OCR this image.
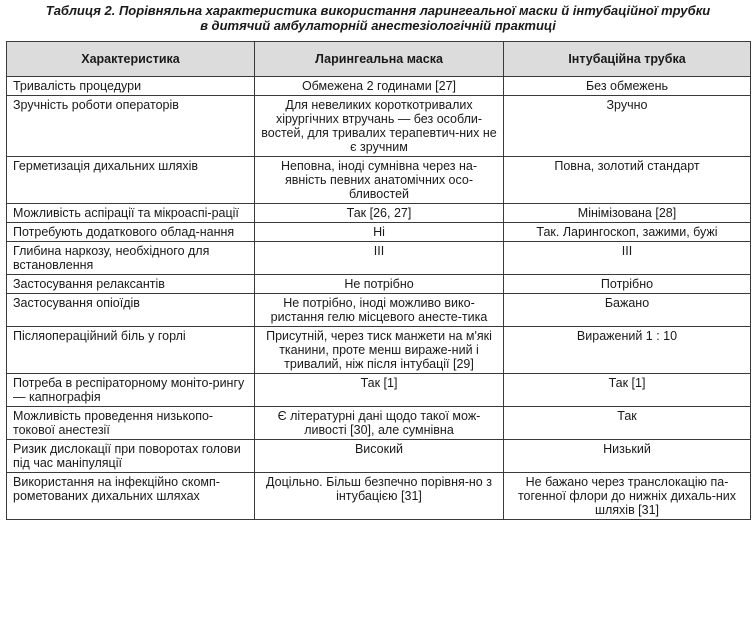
Таблиця 2. Порівняльна характеристика використання ларингеальної маски й інтубаційної трубки
в дитячий амбулаторній анестезіологічній практиці
Характеристика	Ларингеальна маска	Інтубаційна трубка
Тривалість процедури	Обмежена 2 годинами [27]	Без обмежень
Зручність роботи операторів	Для невеликих короткотривалих хірургічних втручань — без особли-востей, для тривалих терапевтич-них не є зручним	Зручно
Герметизація дихальних шляхів	Неповна, іноді сумнівна через на-явність певних анатомічних осо-бливостей	Повна, золотий стандарт
Можливість аспірації та мікроаспі-рації	Так [26, 27]	Мінімізована [28]
Потребують додаткового облад-нання	Ні	Так. Ларингоскоп, зажими, бужі
Глибина наркозу, необхідного для встановлення	ІІІ	ІІІ
Застосування релаксантів	Не потрібно	Потрібно
Застосування опіоїдів	Не потрібно, іноді можливо вико-ристання гелю місцевого анесте-тика	Бажано
Післяопераційний біль у горлі	Присутній, через тиск манжети на м'які тканини, проте менш вираже-ний і тривалий, ніж після інтубації [29]	Виражений 1 : 10
Потреба в респіраторному моніто-рингу — капнографія	Так [1]	Так [1]
Можливість проведення низькопо-токової анестезії	Є літературні дані щодо такої мож-ливості [30], але сумнівна	Так
Ризик дислокації при поворотах голови під час маніпуляції	Високий	Низький
Використання на інфекційно скомп-рометованих дихальних шляхах	Доцільно. Більш безпечно порівня-но з інтубацією [31]	Не бажано через транслокацію па-тогенної флори до нижніх дихаль-них шляхів [31]
